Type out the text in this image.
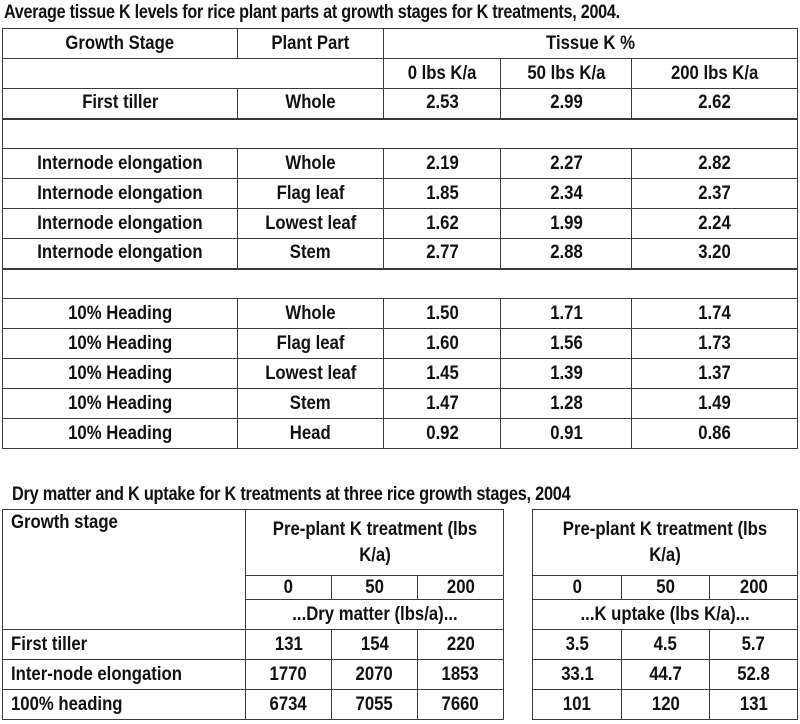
Average tissue K levels for rice plant parts at growth stages for K treatments, 2004.
Growth Stage	Plant Part	Tissue K %		
		0 lbs K/a	50 lbs K/a	200 lbs K/a
First tiller	Whole	2.53	2.99	2.62

Internode elongation	Whole	2.19	2.27	2.82
Internode elongation	Flag leaf	1.85	2.34	2.37
Internode elongation	Lowest leaf	1.62	1.99	2.24
Internode elongation	Stem	2.77	2.88	3.20

10% Heading	Whole	1.50	1.71	1.74
10% Heading	Flag leaf	1.60	1.56	1.73
10% Heading	Lowest leaf	1.45	1.39	1.37
10% Heading	Stem	1.47	1.28	1.49
10% Heading	Head	0.92	0.91	0.86
Dry matter and K uptake for K treatments at three rice growth stages, 2004
Growth stage	Pre-plant K treatment (lbs K/a)				Pre-plant K treatment (lbs K/a)		
	0	50	200		0	50	200
	...Dry matter (lbs/a)...				...K uptake (lbs K/a)...		
First tiller	131	154	220		3.5	4.5	5.7
Inter-node elongation	1770	2070	1853		33.1	44.7	52.8
100% heading	6734	7055	7660		101	120	131
